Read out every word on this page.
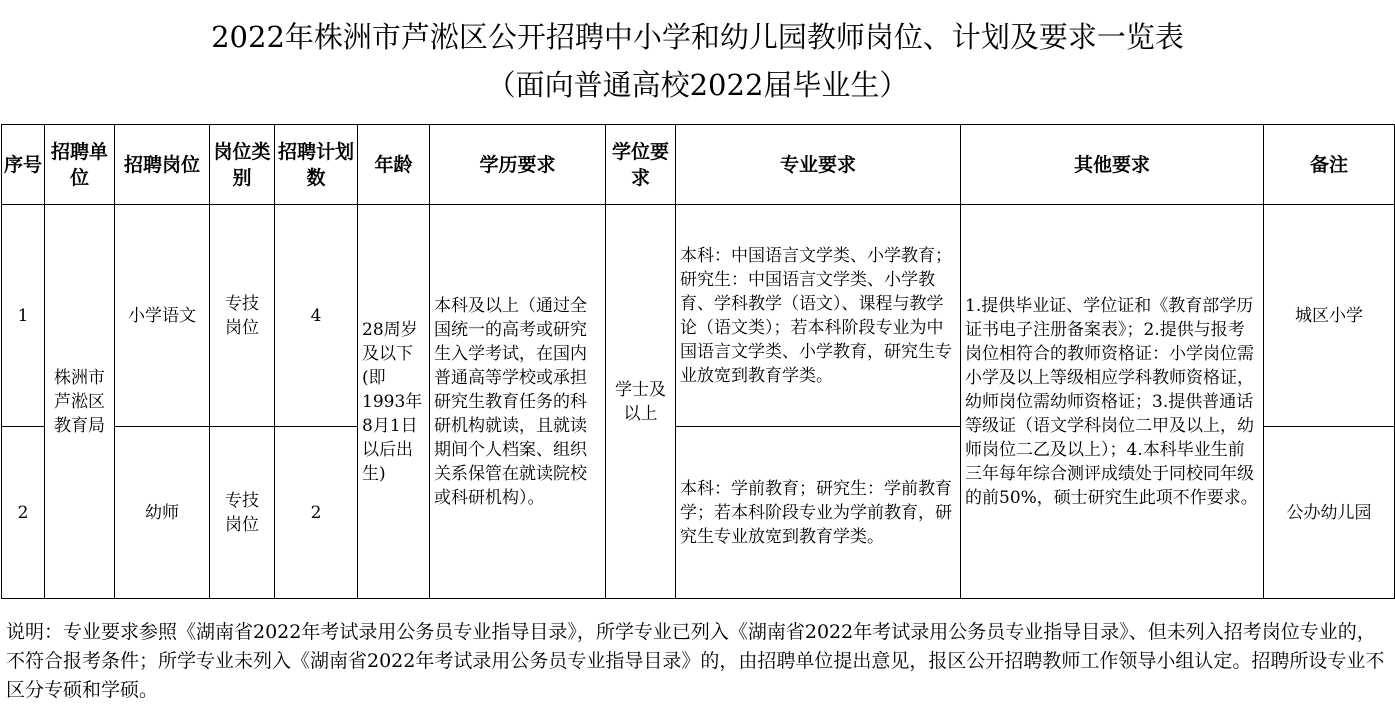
2022年株洲市芦淞区公开招聘中小学和幼儿园教师岗位、计划及要求一览表
（面向普通高校2022届毕业生）
序号	招聘单位	招聘岗位	岗位类别	招聘计划数	年龄	学历要求	学位要求	专业要求	其他要求	备注
1	株洲市芦淞区教育局	小学语文	专技岗位	4	28周岁及以下(即1993年8月1日以后出生)	本科及以上（通过全国统一的高考或研究生入学考试，在国内普通高等学校或承担研究生教育任务的科研机构就读，且就读期间个人档案、组织关系保管在就读院校或科研机构）。	学士及以上	本科：中国语言文学类、小学教育；研究生：中国语言文学类、小学教育、学科教学（语文）、课程与教学论（语文类）；若本科阶段专业为中国语言文学类、小学教育，研究生专业放宽到教育学类。	1.提供毕业证、学位证和《教育部学历证书电子注册备案表》；2.提供与报考岗位相符合的教师资格证：小学岗位需小学及以上等级相应学科教师资格证，幼师岗位需幼师资格证；3.提供普通话等级证（语文学科岗位二甲及以上，幼师岗位二乙及以上）；4.本科毕业生前三年每年综合测评成绩处于同校同年级的前50%，硕士研究生此项不作要求。	城区小学
2		幼师	专技岗位	2				本科：学前教育；研究生：学前教育学；若本科阶段专业为学前教育，研究生专业放宽到教育学类。		公办幼儿园
说明：专业要求参照《湖南省2022年考试录用公务员专业指导目录》，所学专业已列入《湖南省2022年考试录用公务员专业指导目录》、但未列入招考岗位专业的，不符合报考条件；所学专业未列入《湖南省2022年考试录用公务员专业指导目录》的，由招聘单位提出意见，报区公开招聘教师工作领导小组认定。招聘所设专业不区分专硕和学硕。
